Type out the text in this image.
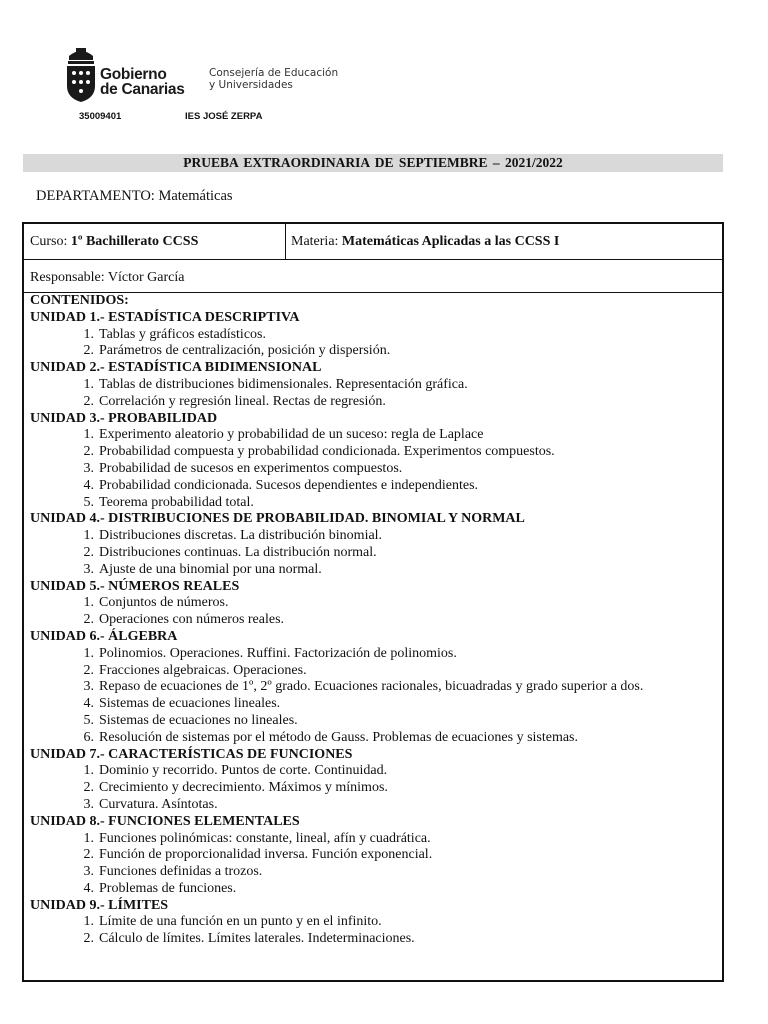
Gobierno
de Canarias
Consejería de Educación
y Universidades
35009401	IES JOSÉ ZERPA
PRUEBA EXTRAORDINARIA DE SEPTIEMBRE – 2021/2022
DEPARTAMENTO: Matemáticas
Curso: 1º Bachillerato CCSS	Materia: Matemáticas Aplicadas a las CCSS I
Responsable: Víctor García
CONTENIDOS:
UNIDAD 1.- ESTADÍSTICA DESCRIPTIVA
1. Tablas y gráficos estadísticos.
2. Parámetros de centralización, posición y dispersión.
UNIDAD 2.- ESTADÍSTICA BIDIMENSIONAL
1. Tablas de distribuciones bidimensionales. Representación gráfica.
2. Correlación y regresión lineal. Rectas de regresión.
UNIDAD 3.- PROBABILIDAD
1. Experimento aleatorio y probabilidad de un suceso: regla de Laplace
2. Probabilidad compuesta y probabilidad condicionada. Experimentos compuestos.
3. Probabilidad de sucesos en experimentos compuestos.
4. Probabilidad condicionada. Sucesos dependientes e independientes.
5. Teorema probabilidad total.
UNIDAD 4.- DISTRIBUCIONES DE PROBABILIDAD. BINOMIAL Y NORMAL
1. Distribuciones discretas. La distribución binomial.
2. Distribuciones continuas. La distribución normal.
3. Ajuste de una binomial por una normal.
UNIDAD 5.- NÚMEROS REALES
1. Conjuntos de números.
2. Operaciones con números reales.
UNIDAD 6.- ÁLGEBRA
1. Polinomios. Operaciones. Ruffini. Factorización de polinomios.
2. Fracciones algebraicas. Operaciones.
3. Repaso de ecuaciones de 1º, 2º grado. Ecuaciones racionales, bicuadradas y grado superior a dos.
4. Sistemas de ecuaciones lineales.
5. Sistemas de ecuaciones no lineales.
6. Resolución de sistemas por el método de Gauss. Problemas de ecuaciones y sistemas.
UNIDAD 7.- CARACTERÍSTICAS DE FUNCIONES
1. Dominio y recorrido. Puntos de corte. Continuidad.
2. Crecimiento y decrecimiento. Máximos y mínimos.
3. Curvatura. Asíntotas.
UNIDAD 8.- FUNCIONES ELEMENTALES
1. Funciones polinómicas: constante, lineal, afín y cuadrática.
2. Función de proporcionalidad inversa. Función exponencial.
3. Funciones definidas a trozos.
4. Problemas de funciones.
UNIDAD 9.- LÍMITES
1. Límite de una función en un punto y en el infinito.
2. Cálculo de límites. Límites laterales. Indeterminaciones.
